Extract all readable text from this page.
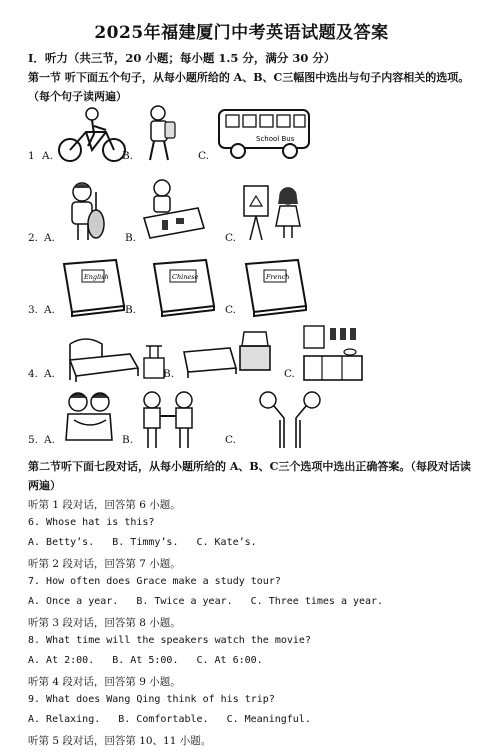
2025年福建厦门中考英语试题及答案
I．听力（共三节，20 小题；每小题 1.5 分，满分 30 分）
第一节 听下面五个句子，从每小题所给的 A、B、C三幅图中选出与句子内容相关的选项。
（每个句子读两遍）
1 A.	B.	C.
School Bus
2. A.	B.	C.
3. A.
English
B.
Chinese
C.
French
4. A.	B.	C.
5. A.	B.	C.
第二节听下面七段对话，从每小题所给的 A、B、C三个选项中选出正确答案。（每段对话读
两遍）
听第 1 段对话，回答第 6 小题。
6. Whose hat is this?
A. Betty’s. B. Timmy’s. C. Kate’s.
听第 2 段对话，回答第 7 小题。
7. How often does Grace make a study tour?
A. Once a year. B. Twice a year. C. Three times a year.
听第 3 段对话，回答第 8 小题。
8. What time will the speakers watch the movie?
A. At 2:00. B. At 5:00. C. At 6:00.
听第 4 段对话，回答第 9 小题。
9. What does Wang Qing think of his trip?
A. Relaxing. B. Comfortable. C. Meaningful.
听第 5 段对话，回答第 10、11 小题。
